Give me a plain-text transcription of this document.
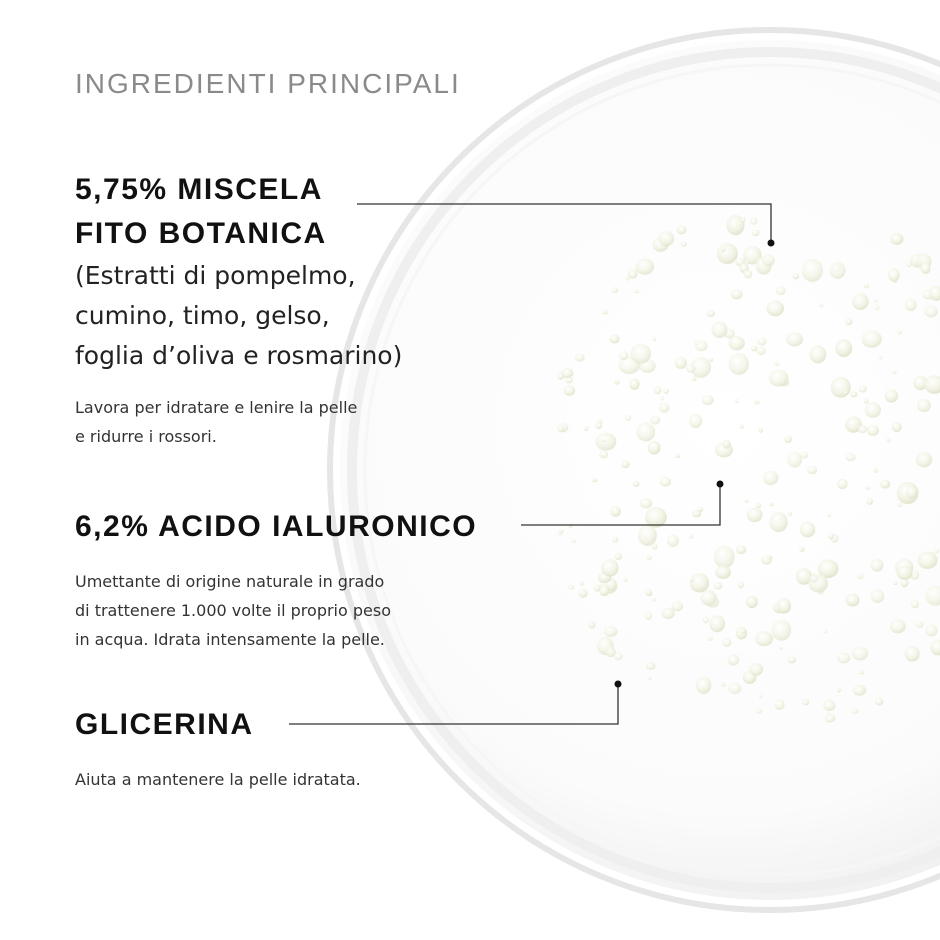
INGREDIENTI PRINCIPALI
5,75% MISCELA
FITO BOTANICA

(Estratti di pompelmo,
cumino, timo, gelso,
foglia d’oliva e rosmarino)

Lavora per idratare e lenire la pelle
e ridurre i rossori.

6,2% ACIDO IALURONICO

Umettante di origine naturale in grado
di trattenere 1.000 volte il proprio peso
in acqua. Idrata intensamente la pelle.

GLICERINA

Aiuta a mantenere la pelle idratata.
